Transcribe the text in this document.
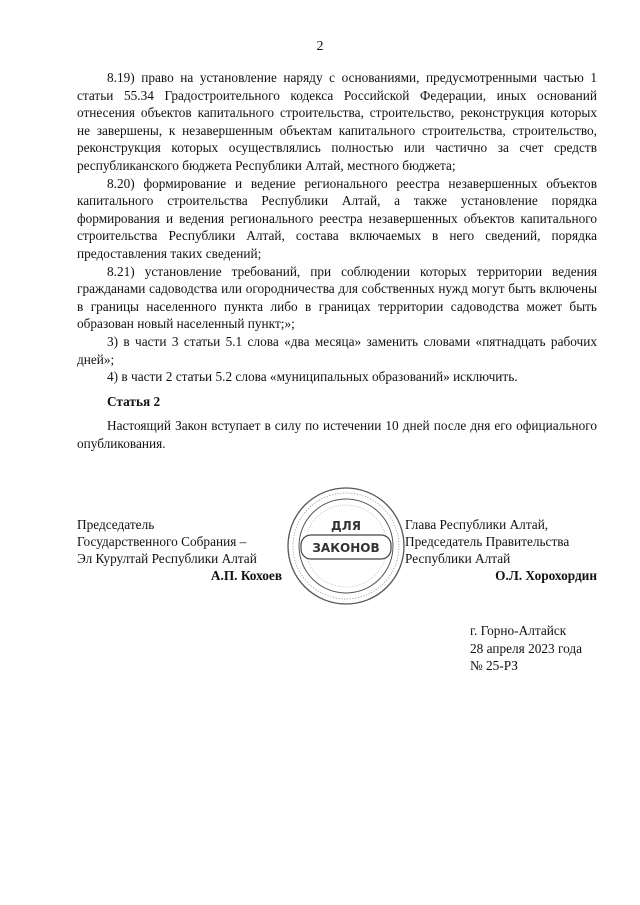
2

8.19) право на установление наряду с основаниями, предусмотренными частью 1 статьи 55.34 Градостроительного кодекса Российской Федерации, иных оснований отнесения объектов капитального строительства, строительство, реконструкция которых не завершены, к незавершенным объектам капитального строительства, строительство, реконструкция которых осуществлялись полностью или частично за счет средств республиканского бюджета Республики Алтай, местного бюджета;

8.20) формирование и ведение регионального реестра незавершенных объектов капитального строительства Республики Алтай, а также установление порядка формирования и ведения регионального реестра незавершенных объектов капитального строительства Республики Алтай, состава включаемых в него сведений, порядка предоставления таких сведений;

8.21) установление требований, при соблюдении которых территории ведения гражданами садоводства или огородничества для собственных нужд могут быть включены в границы населенного пункта либо в границах территории садоводства может быть образован новый населенный пункт;»;

3) в части 3 статьи 5.1 слова «два месяца» заменить словами «пятнадцать рабочих дней»;

4) в части 2 статьи 5.2 слова «муниципальных образований» исключить.

Статья 2

Настоящий Закон вступает в силу по истечении 10 дней после дня его официального опубликования.

Председатель
Государственного Собрания –
Эл Курултай Республики Алтай
А.П. Кохоев
ДЛЯ
ЗАКОНОВ
Глава Республики Алтай,
Председатель Правительства
Республики Алтай
О.Л. Хорохордин
г. Горно-Алтайск
28 апреля 2023 года
№ 25-РЗ
